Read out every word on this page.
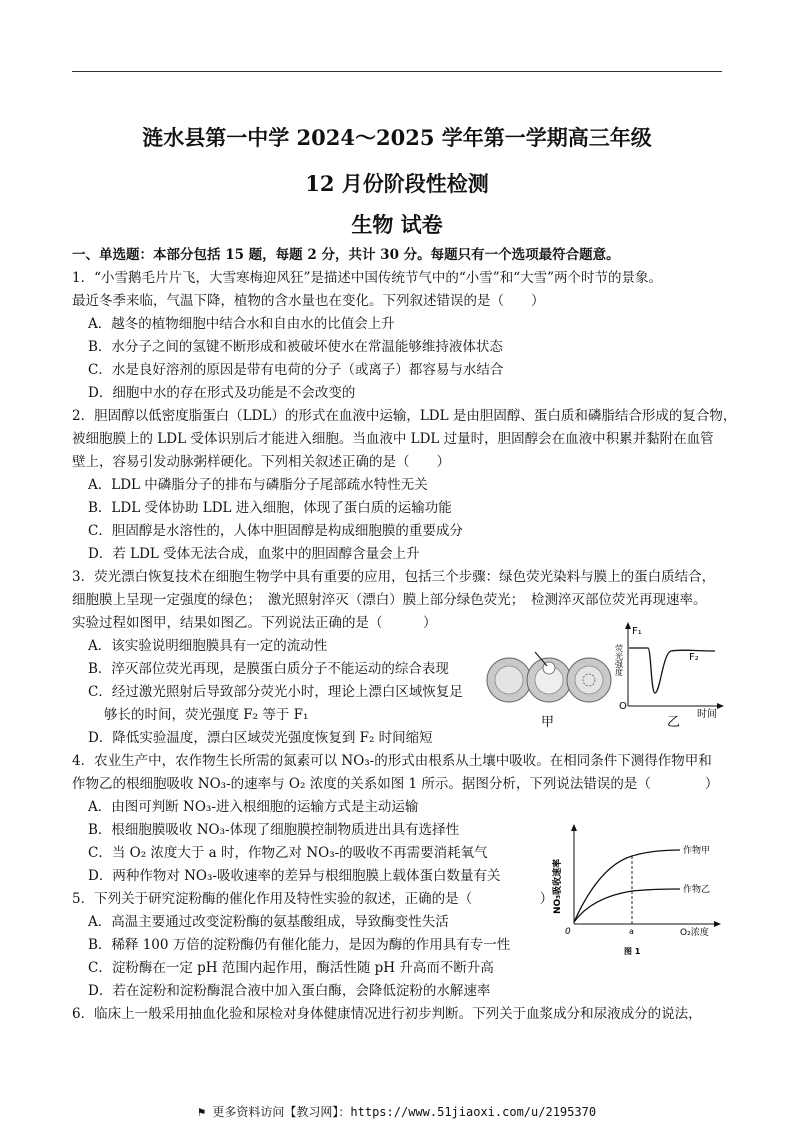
涟水县第一中学 2024～2025 学年第一学期高三年级
12 月份阶段性检测
生物 试卷
一、单选题：本部分包括 15 题，每题 2 分，共计 30 分。每题只有一个选项最符合题意。
1．“小雪鹅毛片片飞，大雪寒梅迎风狂”是描述中国传统节气中的“小雪”和“大雪”两个时节的景象。
最近冬季来临，气温下降，植物的含水量也在变化。下列叙述错误的是（　　）
A．越冬的植物细胞中结合水和自由水的比值会上升
B．水分子之间的氢键不断形成和被破坏使水在常温能够维持液体状态
C．水是良好溶剂的原因是带有电荷的分子（或离子）都容易与水结合
D．细胞中水的存在形式及功能是不会改变的
2．胆固醇以低密度脂蛋白（LDL）的形式在血液中运输，LDL 是由胆固醇、蛋白质和磷脂结合形成的复合物，
被细胞膜上的 LDL 受体识别后才能进入细胞。当血液中 LDL 过量时，胆固醇会在血液中积累并黏附在血管
壁上，容易引发动脉粥样硬化。下列相关叙述正确的是（　　）
A．LDL 中磷脂分子的排布与磷脂分子尾部疏水特性无关
B．LDL 受体协助 LDL 进入细胞，体现了蛋白质的运输功能
C．胆固醇是水溶性的，人体中胆固醇是构成细胞膜的重要成分
D．若 LDL 受体无法合成，血浆中的胆固醇含量会上升
3．荧光漂白恢复技术在细胞生物学中具有重要的应用，包括三个步骤：绿色荧光染料与膜上的蛋白质结合，
细胞膜上呈现一定强度的绿色；　激光照射淬灭（漂白）膜上部分绿色荧光；　检测淬灭部位荧光再现速率。
实验过程如图甲，结果如图乙。下列说法正确的是（　　　）
A．该实验说明细胞膜具有一定的流动性
B．淬灭部位荧光再现，是膜蛋白质分子不能运动的综合表现
C．经过激光照射后导致部分荧光小时，理论上漂白区域恢复足
够长的时间，荧光强度 F₂ 等于 F₁
D．降低实验温度，漂白区域荧光强度恢复到 F₂ 时间缩短
甲
F₁
F₂
O
时间
荧光强度
乙
4．农业生产中，农作物生长所需的氮素可以 NO₃-的形式由根系从土壤中吸收。在相同条件下测得作物甲和
作物乙的根细胞吸收 NO₃-的速率与 O₂ 浓度的关系如图 1 所示。据图分析，下列说法错误的是（　　　　）
A．由图可判断 NO₃-进入根细胞的运输方式是主动运输
B．根细胞膜吸收 NO₃-体现了细胞膜控制物质进出具有选择性
C．当 O₂ 浓度大于 a 时，作物乙对 NO₃-的吸收不再需要消耗氧气
D．两种作物对 NO₃-吸收速率的差异与根细胞膜上载体蛋白数量有关	NO₃吸收速率
作物甲
作物乙
0	a	O₂浓度
图 1
5．下列关于研究淀粉酶的催化作用及特性实验的叙述，正确的是（　　　　　）
A．高温主要通过改变淀粉酶的氨基酸组成，导致酶变性失活
B．稀释 100 万倍的淀粉酶仍有催化能力，是因为酶的作用具有专一性
C．淀粉酶在一定 pH 范围内起作用，酶活性随 pH 升高而不断升高
D．若在淀粉和淀粉酶混合液中加入蛋白酶，会降低淀粉的水解速率
6．临床上一般采用抽血化验和尿检对身体健康情况进行初步判断。下列关于血浆成分和尿液成分的说法，
⚑ 更多资料访问【教习网】：https://www.51jiaoxi.com/u/2195370
